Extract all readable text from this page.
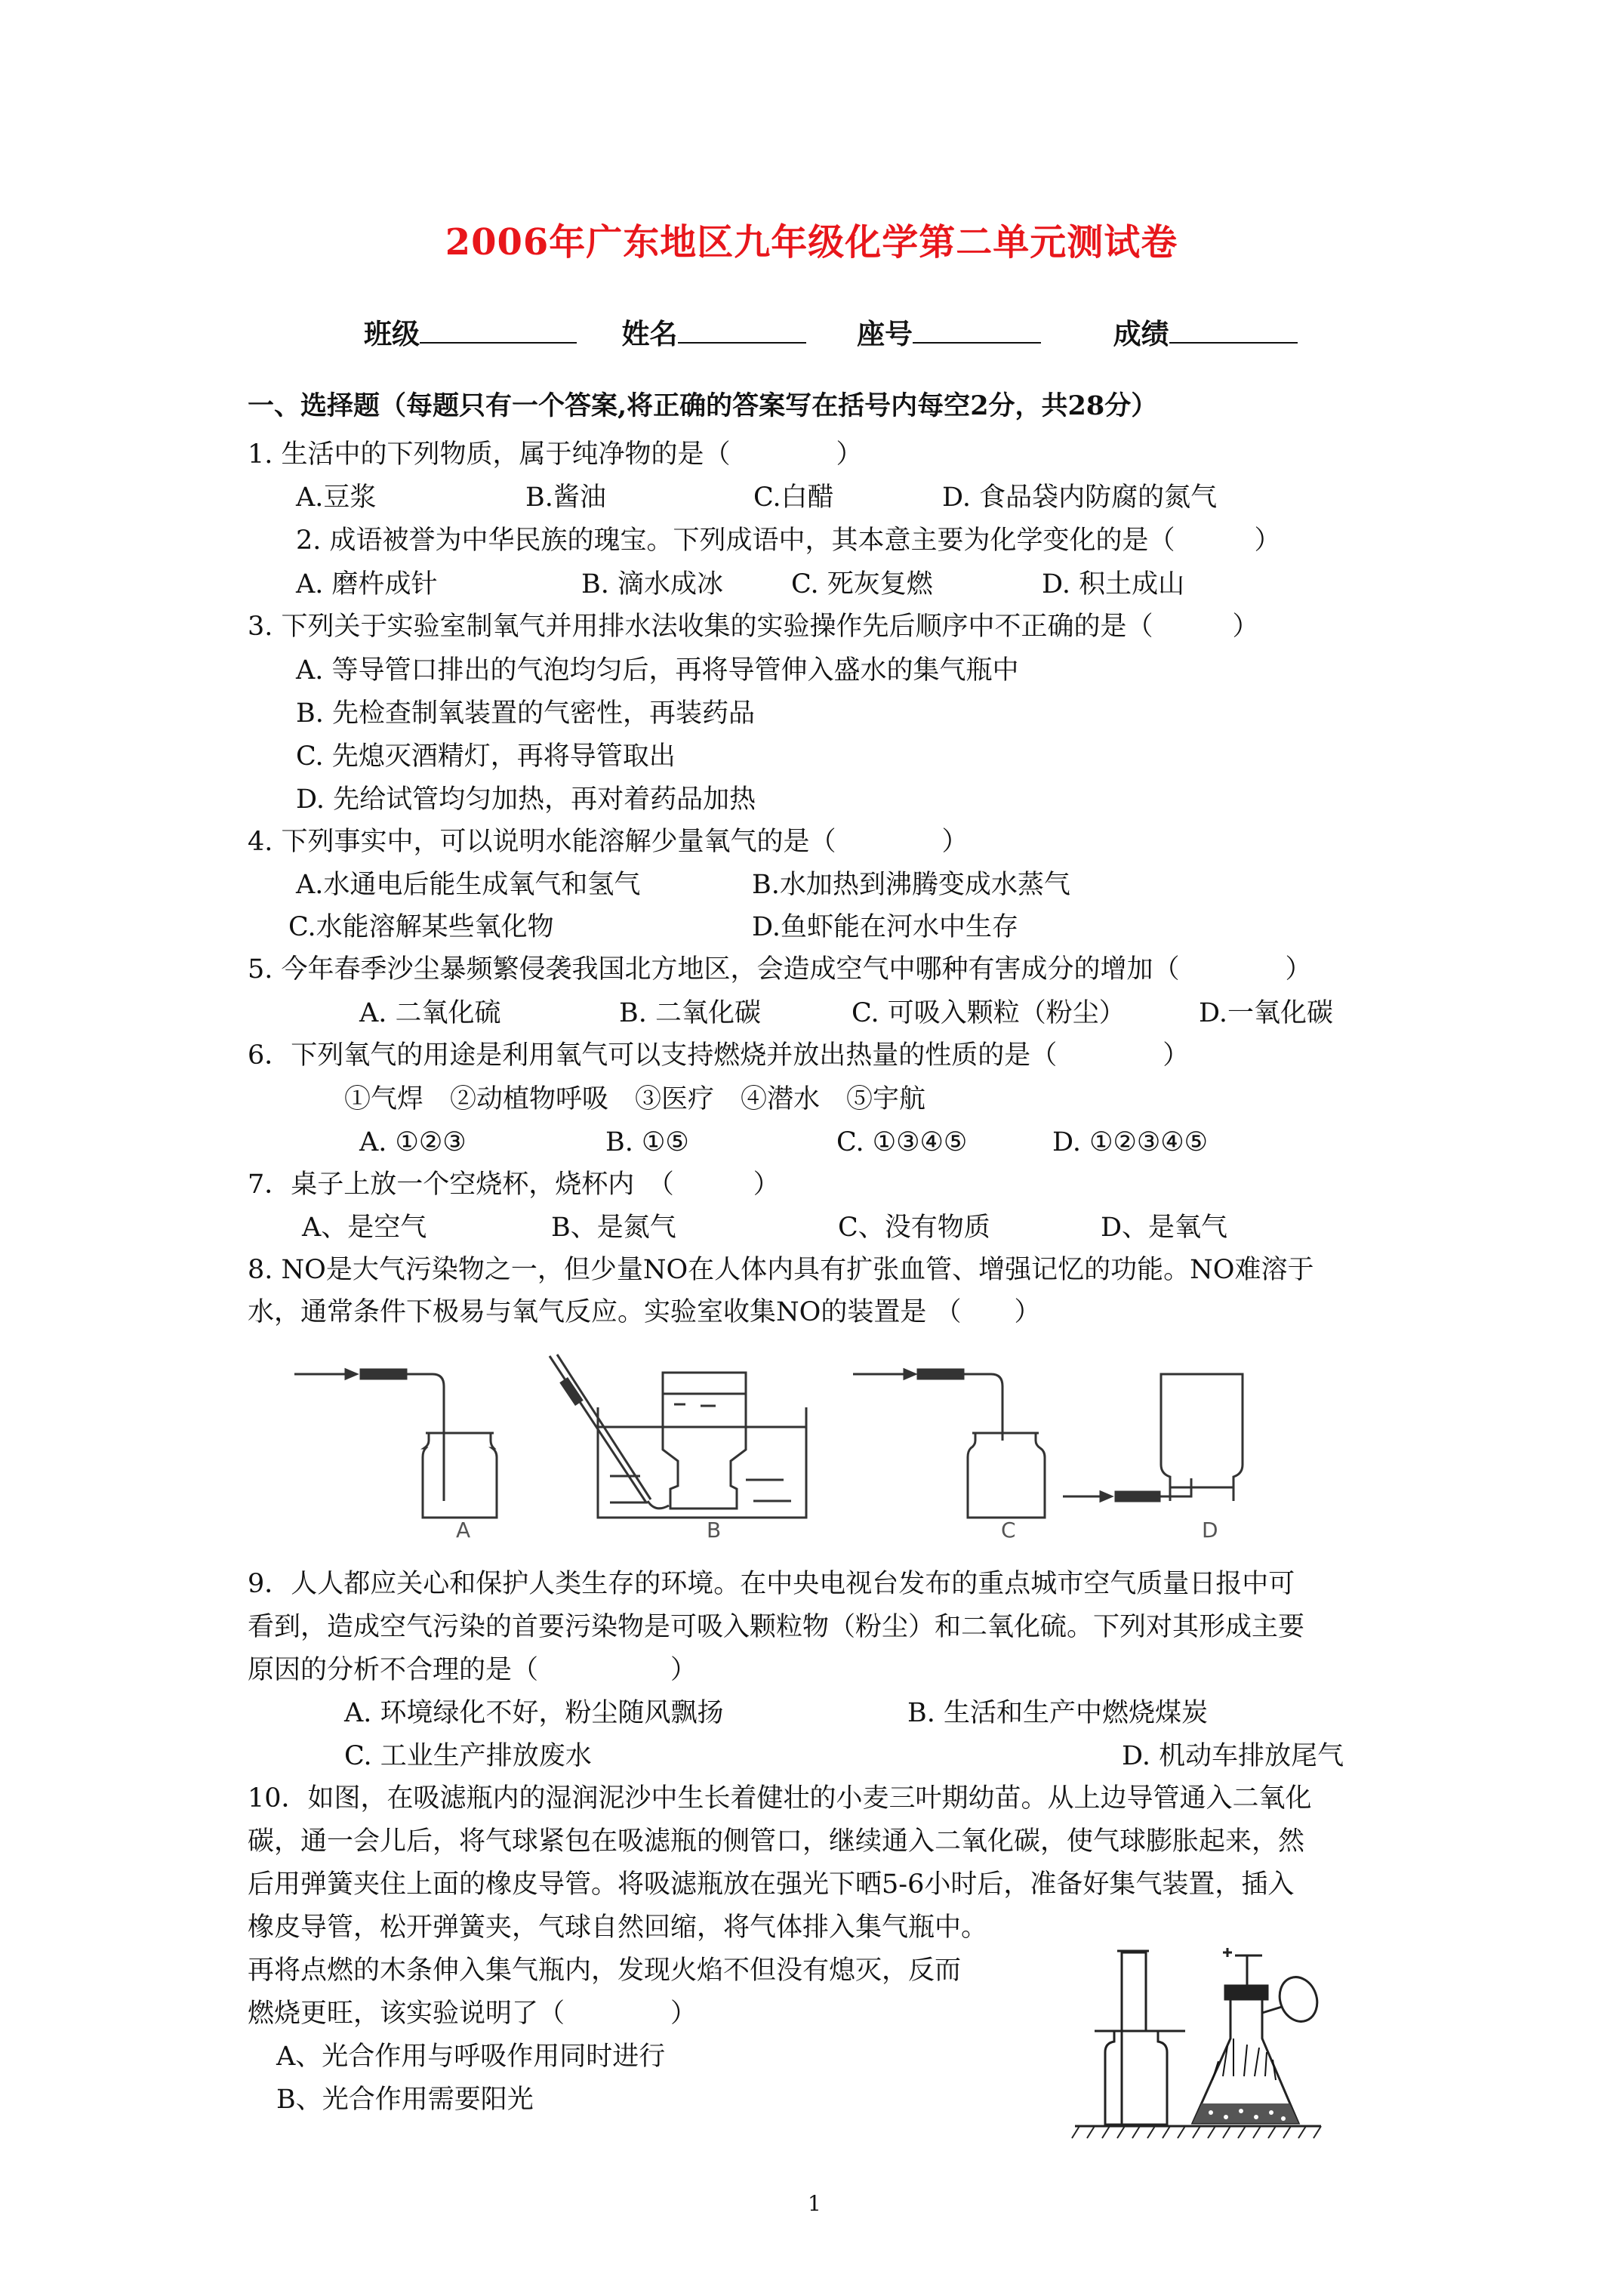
2006年广东地区九年级化学第二单元测试卷
班级	姓名	座号	成绩
一、选择题（每题只有一个答案,将正确的答案写在括号内每空2分，共28分）
1. 生活中的下列物质，属于纯净物的是（　　　　）
A.豆浆	B.酱油	C.白醋	D. 食品袋内防腐的氮气
2. 成语被誉为中华民族的瑰宝。下列成语中，其本意主要为化学变化的是（　　　）
A. 磨杵成针	B. 滴水成冰	C. 死灰复燃	D. 积土成山
3. 下列关于实验室制氧气并用排水法收集的实验操作先后顺序中不正确的是（　　　）
A. 等导管口排出的气泡均匀后，再将导管伸入盛水的集气瓶中
B. 先检查制氧装置的气密性，再装药品
C. 先熄灭酒精灯，再将导管取出
D. 先给试管均匀加热，再对着药品加热
4. 下列事实中，可以说明水能溶解少量氧气的是（　　　　）
A.水通电后能生成氧气和氢气	B.水加热到沸腾变成水蒸气
C.水能溶解某些氧化物	D.鱼虾能在河水中生存
5. 今年春季沙尘暴频繁侵袭我国北方地区，会造成空气中哪种有害成分的增加（　　　　）
A. 二氧化硫	B. 二氧化碳	C. 可吸入颗粒（粉尘）	D.一氧化碳
6．下列氧气的用途是利用氧气可以支持燃烧并放出热量的性质的是（　　　　）
①气焊　②动植物呼吸　③医疗　④潜水　⑤宇航
A. ①②③	B. ①⑤	C. ①③④⑤	D. ①②③④⑤
7．桌子上放一个空烧杯，烧杯内　（　　　）
A、是空气	B、是氮气	C、没有物质	D、是氧气
8. NO是大气污染物之一，但少量NO在人体内具有扩张血管、增强记忆的功能。NO难溶于
水，通常条件下极易与氧气反应。实验室收集NO的装置是 （　　）
A	B	C	D
9．人人都应关心和保护人类生存的环境。在中央电视台发布的重点城市空气质量日报中可
看到，造成空气污染的首要污染物是可吸入颗粒物（粉尘）和二氧化硫。下列对其形成主要
原因的分析不合理的是（　　　　　）
A. 环境绿化不好，粉尘随风飘扬	B. 生活和生产中燃烧煤炭
C. 工业生产排放废水	D. 机动车排放尾气
10．如图，在吸滤瓶内的湿润泥沙中生长着健壮的小麦三叶期幼苗。从上边导管通入二氧化
碳，通一会儿后，将气球紧包在吸滤瓶的侧管口，继续通入二氧化碳，使气球膨胀起来，然
后用弹簧夹住上面的橡皮导管。将吸滤瓶放在强光下晒5-6小时后，准备好集气装置，插入
橡皮导管，松开弹簧夹，气球自然回缩，将气体排入集气瓶中。
再将点燃的木条伸入集气瓶内，发现火焰不但没有熄灭，反而
燃烧更旺，该实验说明了（　　　　）
A、光合作用与呼吸作用同时进行
B、光合作用需要阳光
1
